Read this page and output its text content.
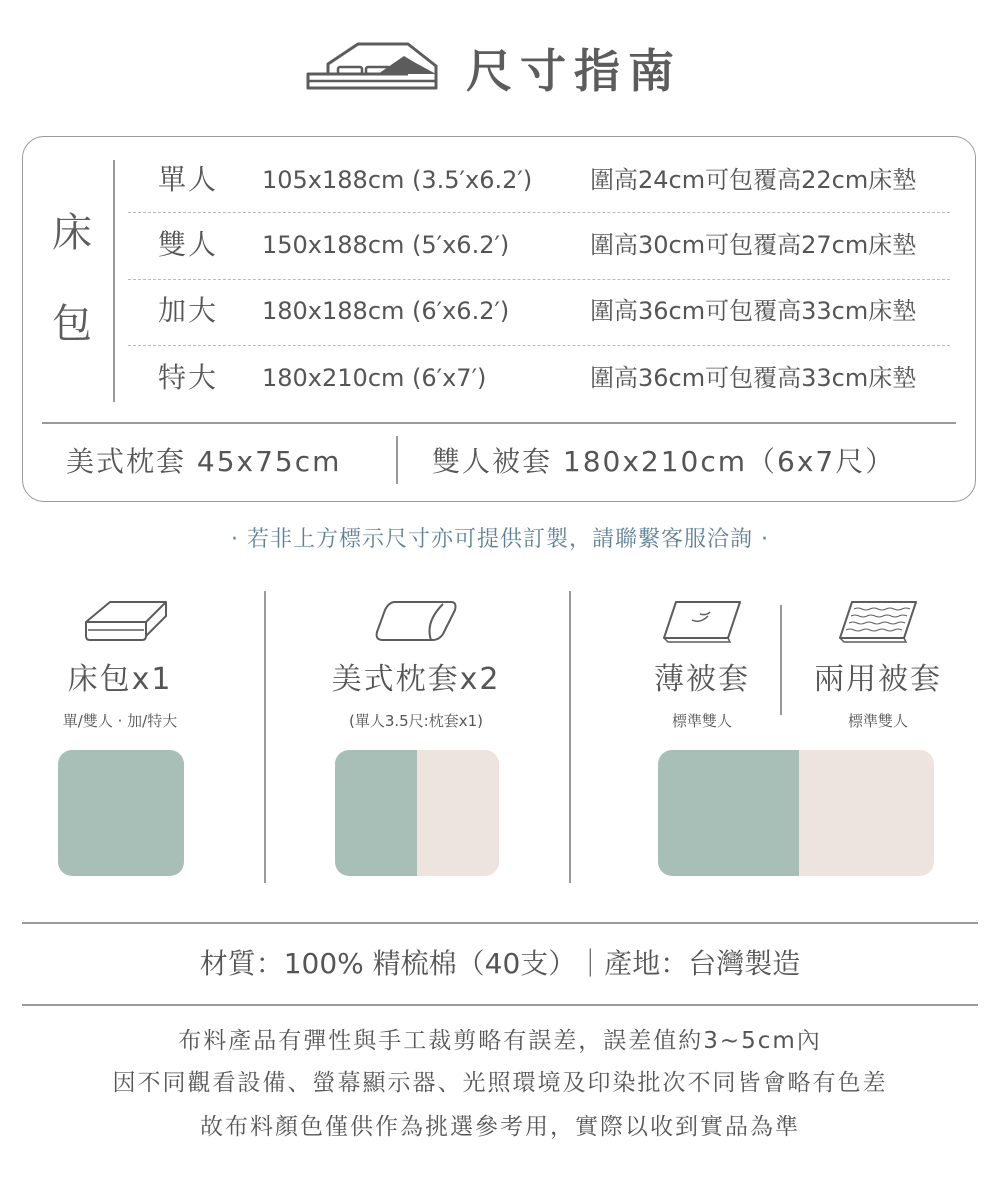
尺寸指南
床
包
單人 105x188cm (3.5′x6.2′) 圍高24cm可包覆高22cm床墊
雙人 150x188cm (5′x6.2′)	圍高30cm可包覆高27cm床墊
加大 180x188cm (6′x6.2′)	圍高36cm可包覆高33cm床墊
特大 180x210cm (6′x7′)	圍高36cm可包覆高33cm床墊
美式枕套 45x75cm	雙人被套 180x210cm（6x7尺）
· 若非上方標示尺寸亦可提供訂製，請聯繫客服洽詢 ·
床包x1
單/雙人 · 加/特大
美式枕套x2
(單人3.5尺:枕套x1)
薄被套
標準雙人
兩用被套
標準雙人
材質：100% 精梳棉（40支）｜產地：台灣製造
布料產品有彈性與手工裁剪略有誤差，誤差值約3~5cm內
因不同觀看設備、螢幕顯示器、光照環境及印染批次不同皆會略有色差
故布料顏色僅供作為挑選參考用，實際以收到實品為準
